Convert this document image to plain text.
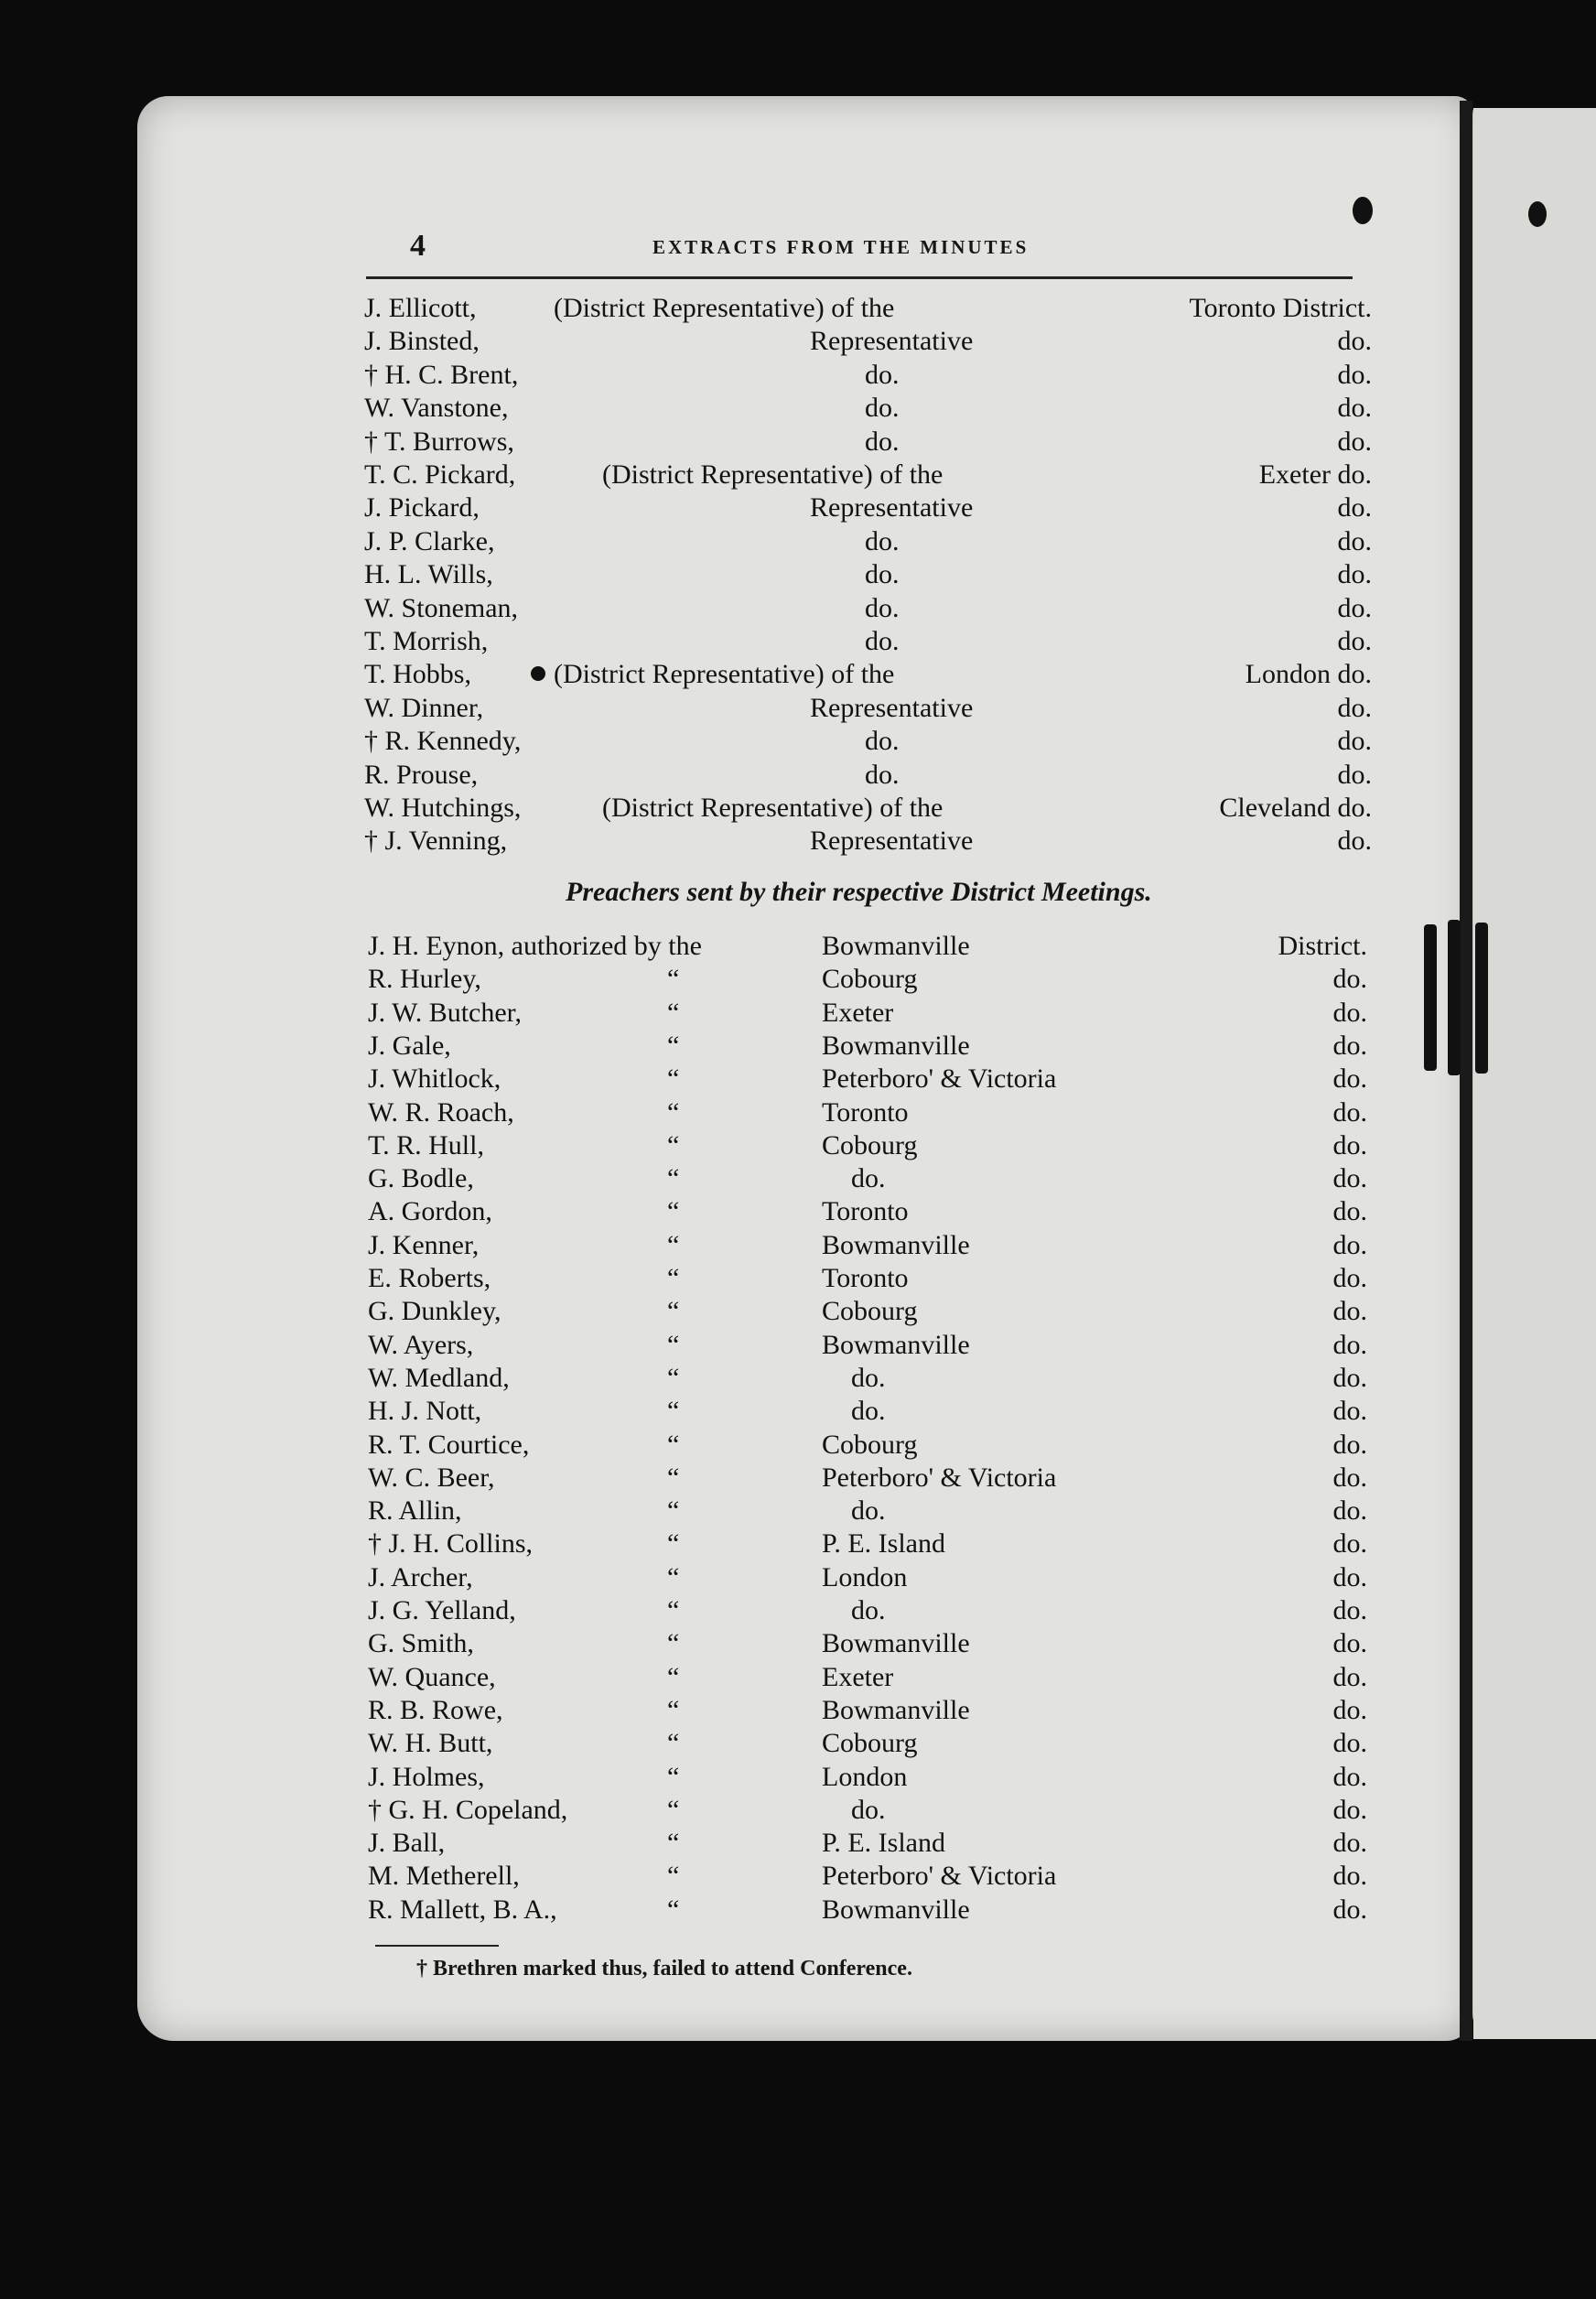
4	EXTRACTS FROM THE MINUTES
J. Ellicott,	(District Representative) of the	Toronto District.
J. Binsted,	Representative	do.
† H. C. Brent,	do.	do.
W. Vanstone,	do.	do.
† T. Burrows,	do.	do.
T. C. Pickard,	(District Representative) of the	Exeter do.
J. Pickard,	Representative	do.
J. P. Clarke,	do.	do.
H. L. Wills,	do.	do.
W. Stoneman,	do.	do.
T. Morrish,	do.	do.
T. Hobbs,	(District Representative) of the	London do.
W. Dinner,	Representative	do.
† R. Kennedy,	do.	do.
R. Prouse,	do.	do.
W. Hutchings,	(District Representative) of the	Cleveland do.
† J. Venning,	Representative	do.
Preachers sent by their respective District Meetings.
J. H. Eynon, authorized by the	Bowmanville	District.
R. Hurley,	“	Cobourg	do.
J. W. Butcher,	“	Exeter	do.
J. Gale,	“	Bowmanville	do.
J. Whitlock,	“	Peterboro' & Victoria	do.
W. R. Roach,	“	Toronto	do.
T. R. Hull,	“	Cobourg	do.
G. Bodle,	“	do.	do.
A. Gordon,	“	Toronto	do.
J. Kenner,	“	Bowmanville	do.
E. Roberts,	“	Toronto	do.
G. Dunkley,	“	Cobourg	do.
W. Ayers,	“	Bowmanville	do.
W. Medland,	“	do.	do.
H. J. Nott,	“	do.	do.
R. T. Courtice,	“	Cobourg	do.
W. C. Beer,	“	Peterboro' & Victoria	do.
R. Allin,	“	do.	do.
† J. H. Collins,	“	P. E. Island	do.
J. Archer,	“	London	do.
J. G. Yelland,	“	do.	do.
G. Smith,	“	Bowmanville	do.
W. Quance,	“	Exeter	do.
R. B. Rowe,	“	Bowmanville	do.
W. H. Butt,	“	Cobourg	do.
J. Holmes,	“	London	do.
† G. H. Copeland,	“	do.	do.
J. Ball,	“	P. E. Island	do.
M. Metherell,	“	Peterboro' & Victoria	do.
R. Mallett, B. A.,	“	Bowmanville	do.
† Brethren marked thus, failed to attend Conference.
